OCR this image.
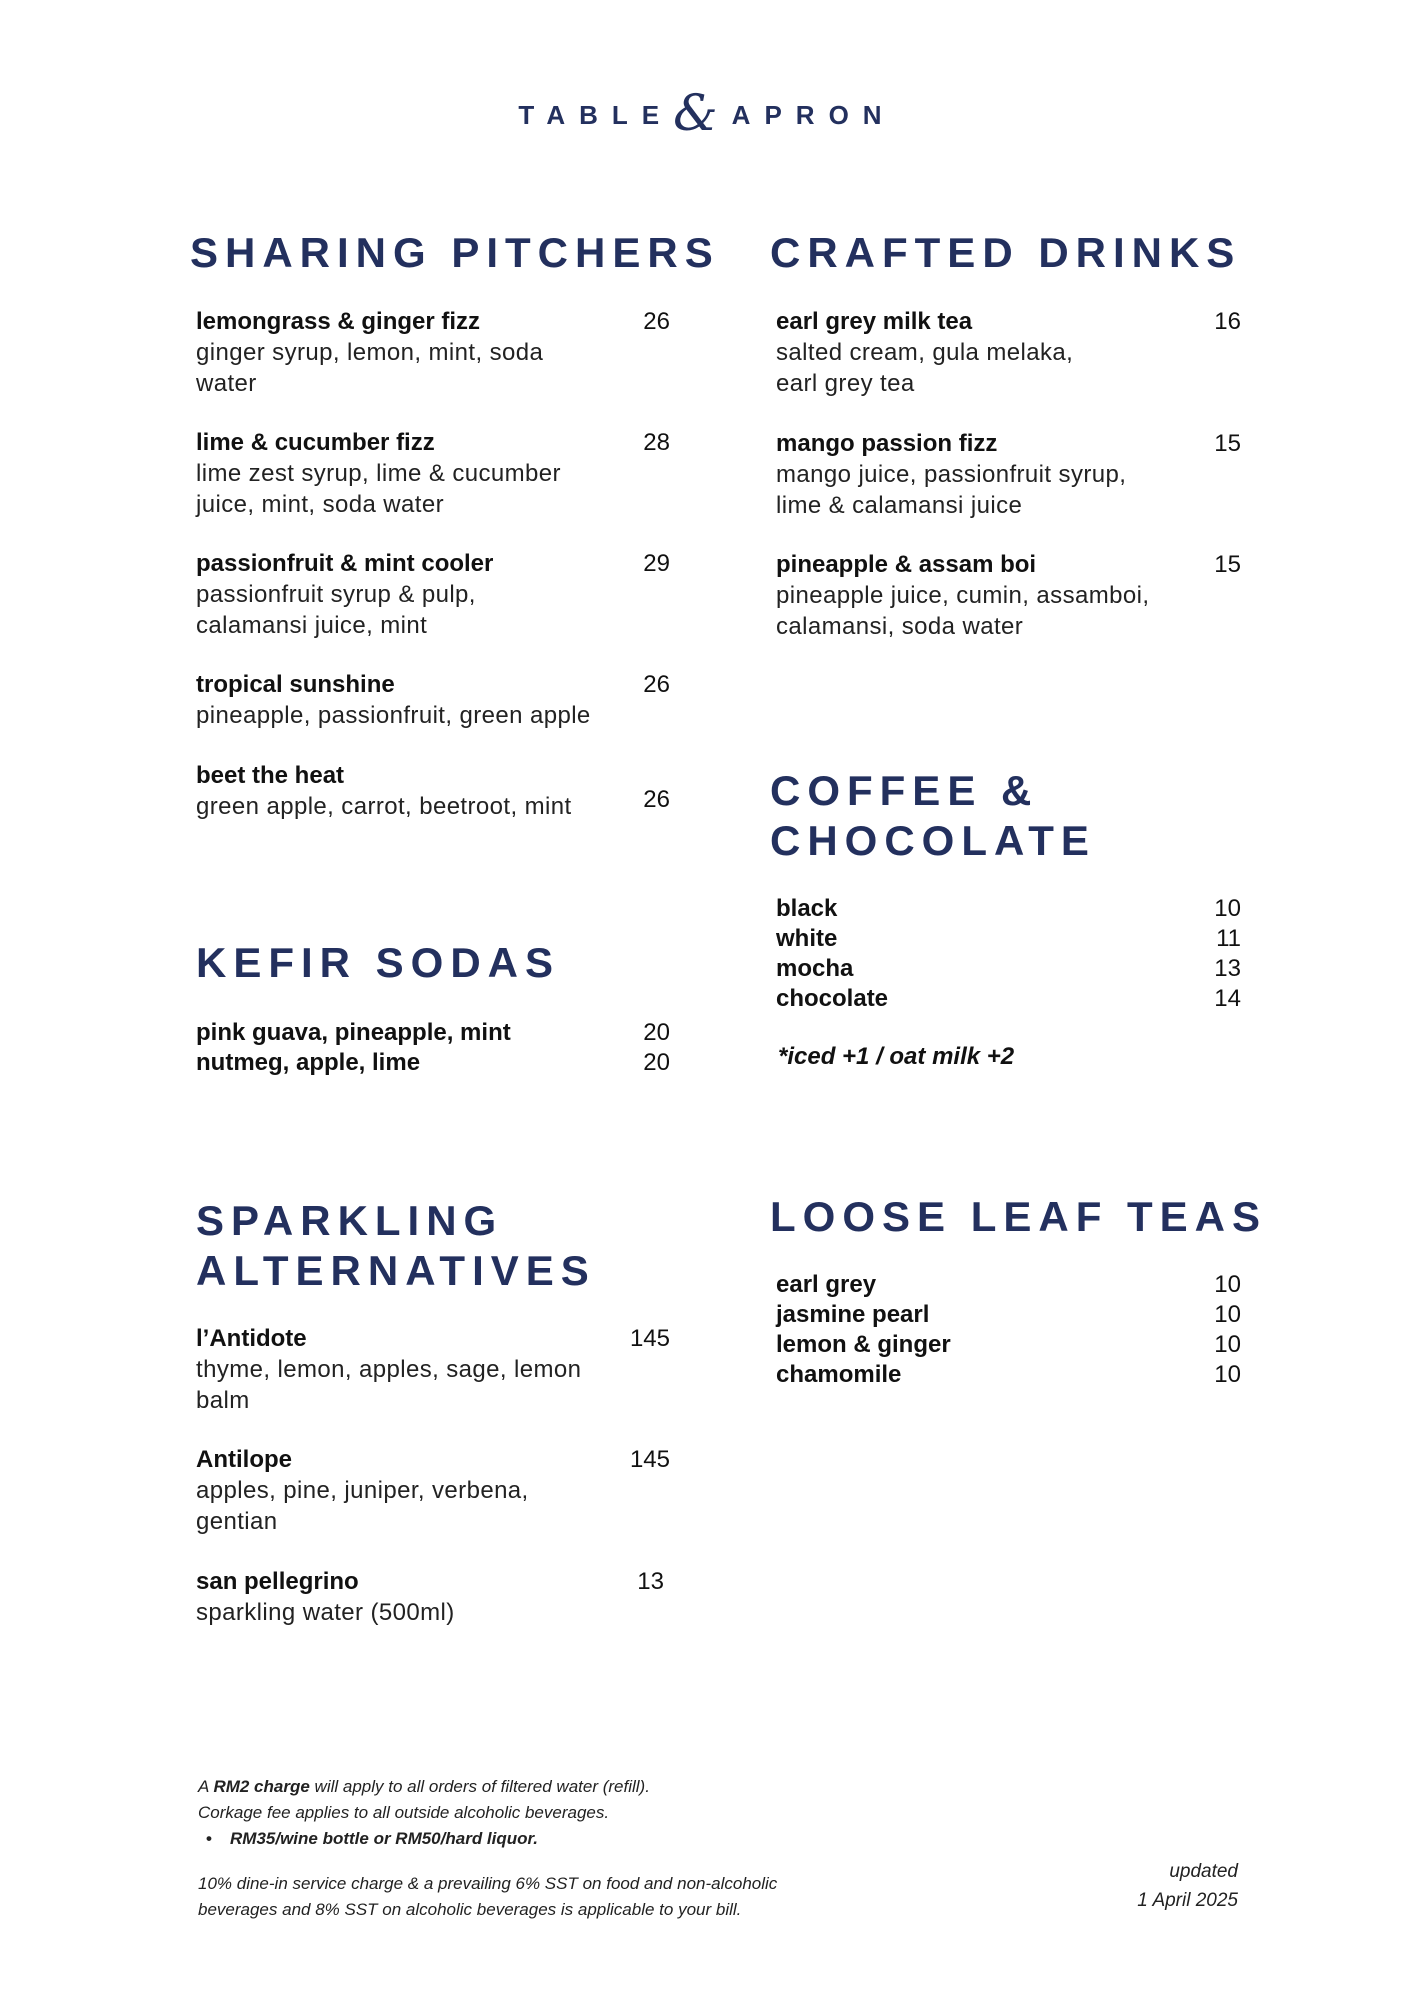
TABLE & APRON
SHARING PITCHERS
lemongrass & ginger fizz
ginger syrup, lemon, mint, soda water
26
lime & cucumber fizz
lime zest syrup, lime & cucumber juice, mint, soda water
28
passionfruit & mint cooler
passionfruit syrup & pulp, calamansi juice, mint
29
tropical sunshine
pineapple, passionfruit, green apple
26
beet the heat
green apple, carrot, beetroot, mint	26
CRAFTED DRINKS
earl grey milk tea
salted cream, gula melaka, earl grey tea
16
mango passion fizz
mango juice, passionfruit syrup, lime & calamansi juice
15
pineapple & assam boi
pineapple juice, cumin, assamboi, calamansi, soda water
15
COFFEE &
CHOCOLATE
black	10
white	11
mocha	13
chocolate	14
*iced +1 / oat milk +2
KEFIR SODAS
pink guava, pineapple, mint	20
nutmeg, apple, lime	20
SPARKLING
ALTERNATIVES
l’Antidote
thyme, lemon, apples, sage, lemon balm
145
Antilope
apples, pine, juniper, verbena, gentian
145
san pellegrino
sparkling water (500ml)
13
LOOSE LEAF TEAS
earl grey	10
jasmine pearl	10
lemon & ginger	10
chamomile	10
A RM2 charge will apply to all orders of filtered water (refill).
Corkage fee applies to all outside alcoholic beverages.
• RM35/wine bottle or RM50/hard liquor.
10% dine-in service charge & a prevailing 6% SST on food and non-alcoholic
beverages and 8% SST on alcoholic beverages is applicable to your bill.
updated
1 April 2025
